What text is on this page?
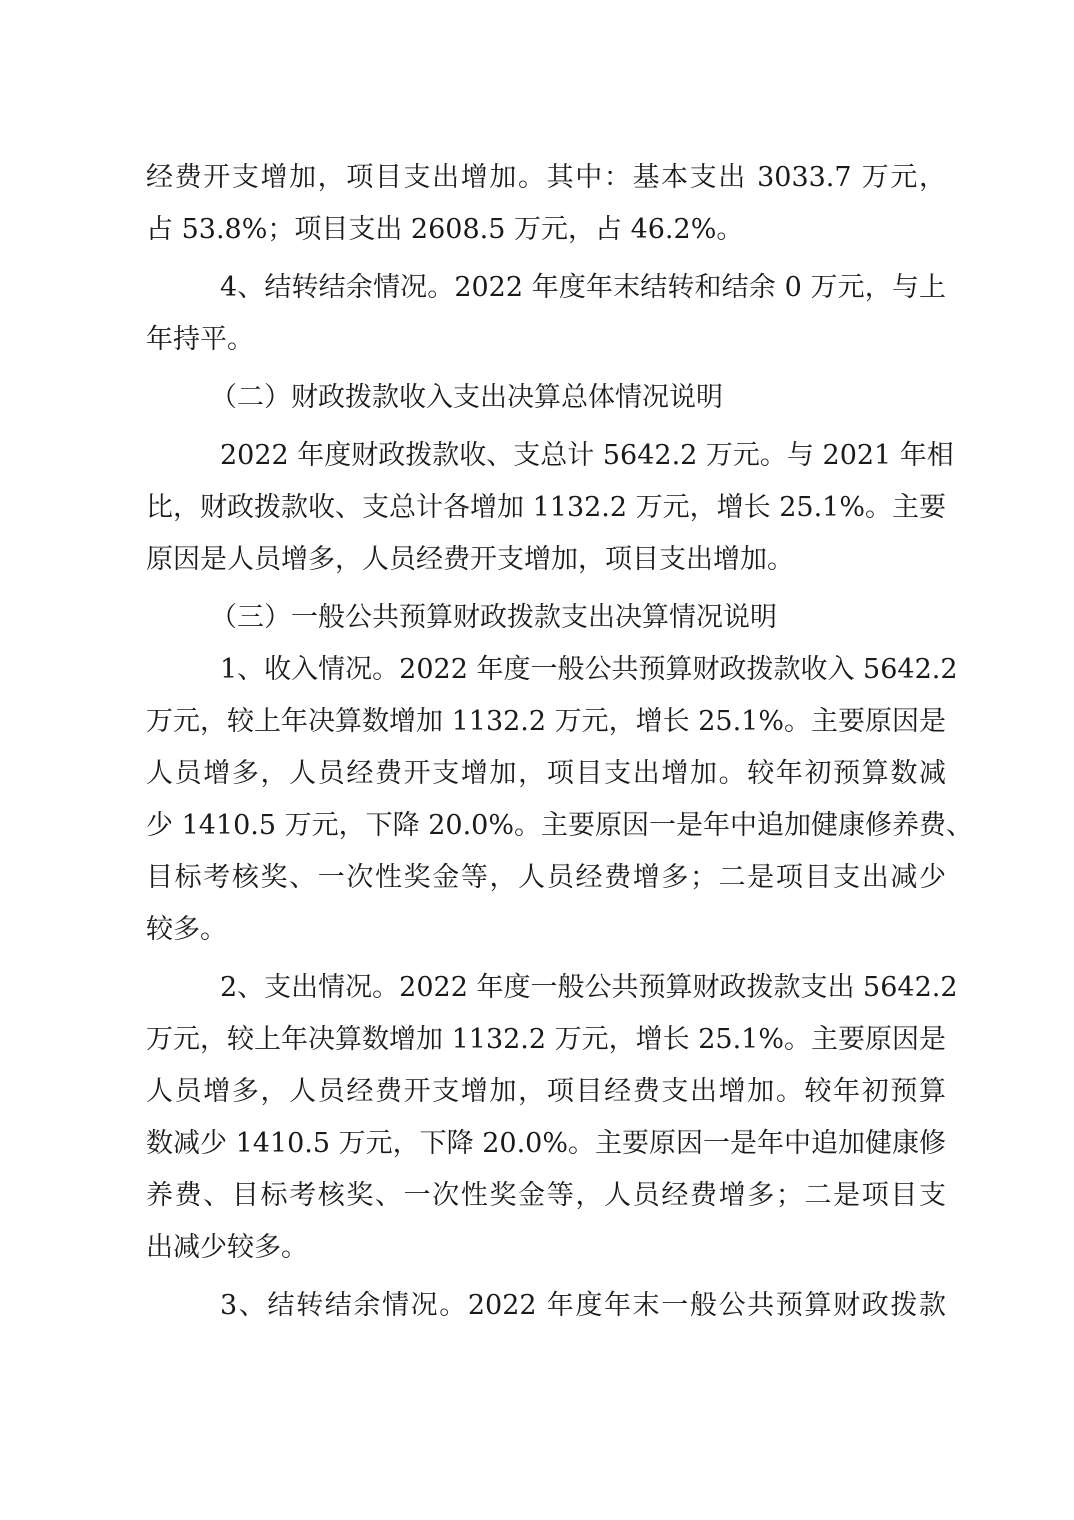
经费开支增加，项目支出增加。其中：基本支出 3033.7 万元，
占 53.8%；项目支出 2608.5 万元，占 46.2%。
4、结转结余情况。2022 年度年末结转和结余 0 万元，与上
年持平。
（二）财政拨款收入支出决算总体情况说明
2022 年度财政拨款收、支总计 5642.2 万元。与 2021 年相
比，财政拨款收、支总计各增加 1132.2 万元，增长 25.1%。主要
原因是人员增多，人员经费开支增加，项目支出增加。
（三）一般公共预算财政拨款支出决算情况说明
1、收入情况。2022 年度一般公共预算财政拨款收入 5642.2
万元，较上年决算数增加 1132.2 万元，增长 25.1%。主要原因是
人员增多，人员经费开支增加，项目支出增加。较年初预算数减
少 1410.5 万元，下降 20.0%。主要原因一是年中追加健康修养费、
目标考核奖、一次性奖金等，人员经费增多；二是项目支出减少
较多。
2、支出情况。2022 年度一般公共预算财政拨款支出 5642.2
万元，较上年决算数增加 1132.2 万元，增长 25.1%。主要原因是
人员增多，人员经费开支增加，项目经费支出增加。较年初预算
数减少 1410.5 万元，下降 20.0%。主要原因一是年中追加健康修
养费、目标考核奖、一次性奖金等，人员经费增多；二是项目支
出减少较多。
3、结转结余情况。2022 年度年末一般公共预算财政拨款
